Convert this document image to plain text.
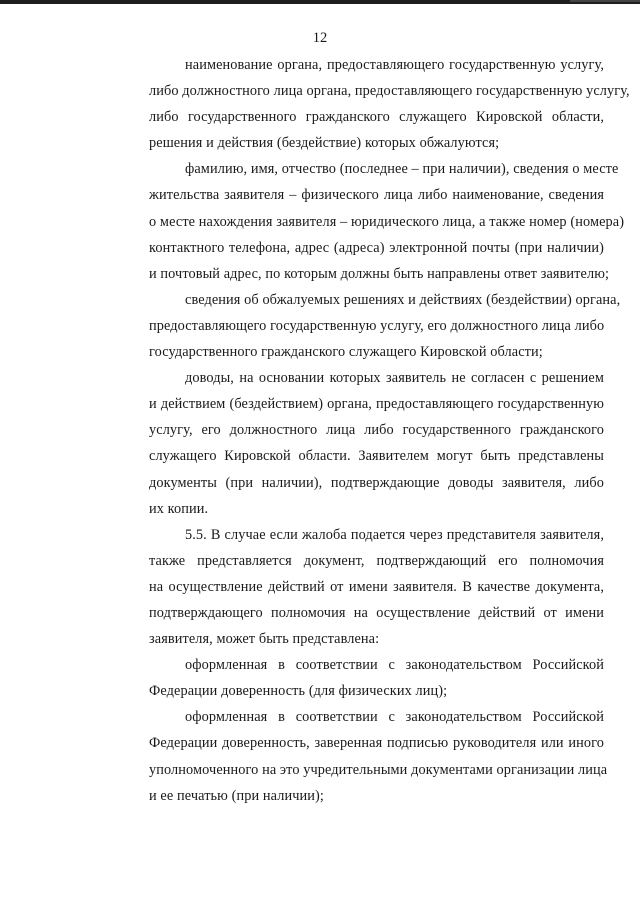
12
наименование органа, предоставляющего государственную услугу,
либо должностного лица органа, предоставляющего государственную услугу,
либо государственного гражданского служащего Кировской области,
решения и действия (бездействие) которых обжалуются;
фамилию, имя, отчество (последнее – при наличии), сведения о месте
жительства заявителя – физического лица либо наименование, сведения
о месте нахождения заявителя – юридического лица, а также номер (номера)
контактного телефона, адрес (адреса) электронной почты (при наличии)
и почтовый адрес, по которым должны быть направлены ответ заявителю;
сведения об обжалуемых решениях и действиях (бездействии) органа,
предоставляющего государственную услугу, его должностного лица либо
государственного гражданского служащего Кировской области;
доводы, на основании которых заявитель не согласен с решением
и действием (бездействием) органа, предоставляющего государственную
услугу, его должностного лица либо государственного гражданского
служащего Кировской области. Заявителем могут быть представлены
документы (при наличии), подтверждающие доводы заявителя, либо
их копии.
5.5. В случае если жалоба подается через представителя заявителя,
также представляется документ, подтверждающий его полномочия
на осуществление действий от имени заявителя. В качестве документа,
подтверждающего полномочия на осуществление действий от имени
заявителя, может быть представлена:
оформленная в соответствии с законодательством Российской
Федерации доверенность (для физических лиц);
оформленная в соответствии с законодательством Российской
Федерации доверенность, заверенная подписью руководителя или иного
уполномоченного на это учредительными документами организации лица
и ее печатью (при наличии);
